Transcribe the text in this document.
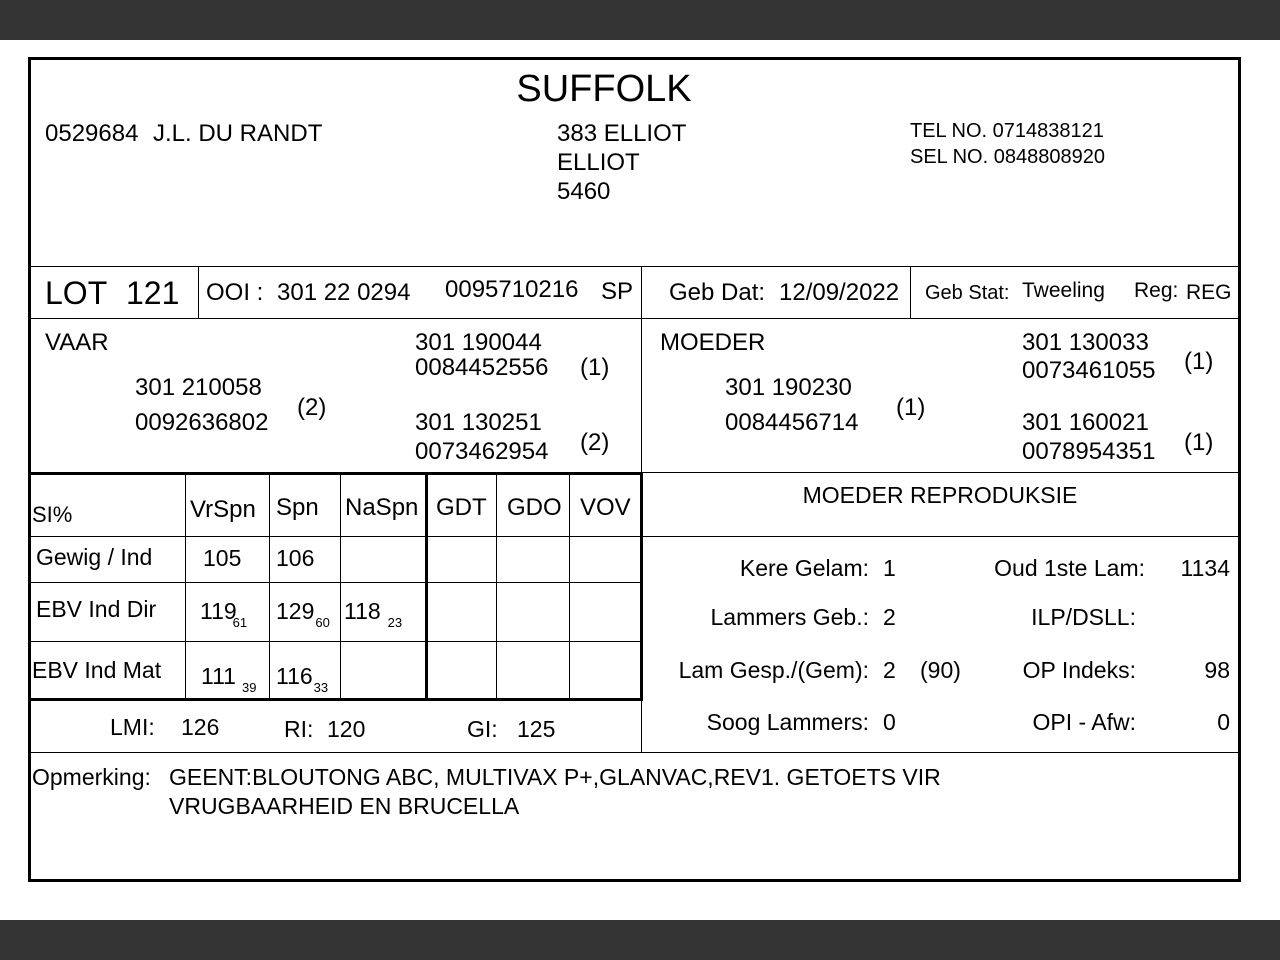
SUFFOLK
0529684 J.L. DU RANDT	383 ELLIOT
ELLIOT
5460
TEL NO. 0714838121
SEL NO. 0848808920
LOT 121 OOI : 301 22 0294 0095710216 SP Geb Dat: 12/09/2022 Geb Stat: Tweeling Reg: REG
VAAR
301 210058
0092636802
(2)
301 190044
0084452556 (1)
301 130251
0073462954 (2)
MOEDER
301 190230
0084456714
(1)
301 130033
0073461055 (1)
301 160021
0078954351 (1)
SI%	VrSpn Spn NaSpn GDT GDO VOV
Gewig / Ind 105 106
EBV Ind Dir $119_{61}$ $129_{60}$ 118 $_{23}$
EBV Ind Mat 111 $_{39}$ $116_{33}$
LMI: 126	RI: 120	GI: 125
MOEDER REPRODUKSIE
Kere Gelam: 1
Lammers Geb.: 2
Lam Gesp./(Gem): 2 (90)
Soog Lammers: 0
Oud 1ste Lam:	1134
ILP/DSLL:
OP Indeks:	98
OPI - Afw:	0
Opmerking: GEENT:BLOUTONG ABC, MULTIVAX P+,GLANVAC,REV1. GETOETS VIR
VRUGBAARHEID EN BRUCELLA
